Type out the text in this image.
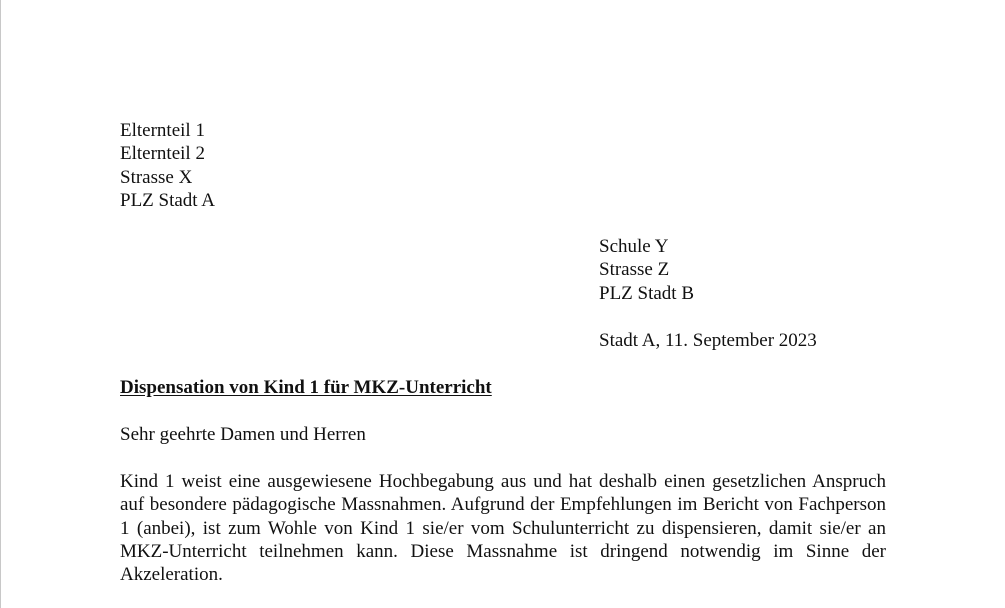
Elternteil 1
Elternteil 2
Strasse X
PLZ Stadt A
Schule Y
Strasse Z
PLZ Stadt B
Stadt A, 11. September 2023
Dispensation von Kind 1 für MKZ-Unterricht
Sehr geehrte Damen und Herren

Kind 1 weist eine ausgewiesene Hochbegabung aus und hat deshalb einen gesetzlichen Anspruch auf besondere pädagogische Massnahmen. Aufgrund der Empfehlungen im Bericht von Fachperson 1 (anbei), ist zum Wohle von Kind 1 sie/er vom Schulunterricht zu dispensieren, damit sie/er an MKZ-Unterricht teilnehmen kann. Diese Massnahme ist dringend notwendig im Sinne der Akzeleration.
